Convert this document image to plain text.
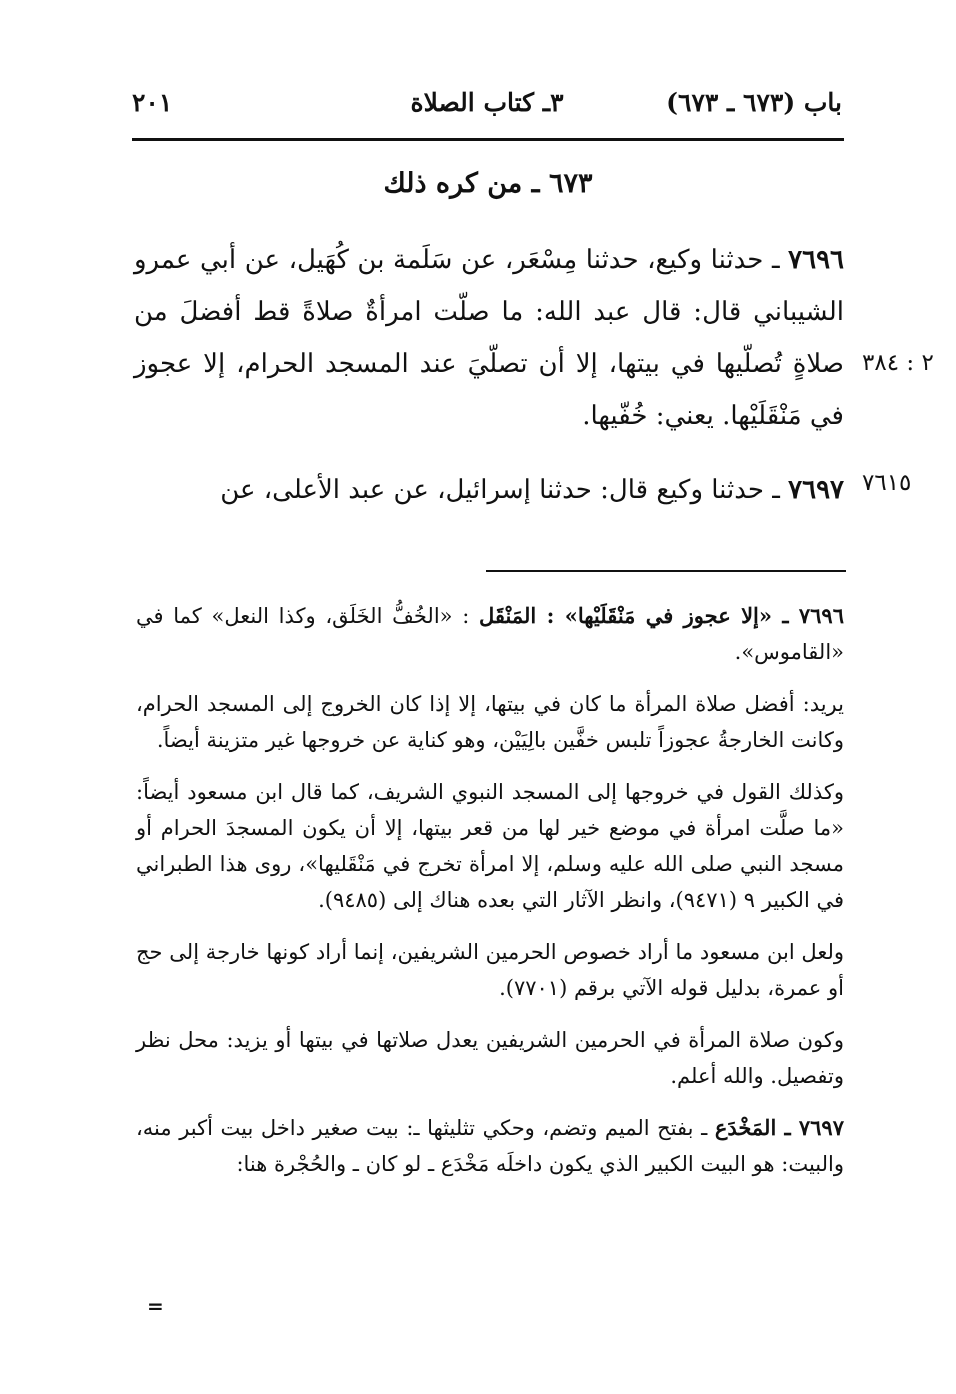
باب (٦٧٣ ـ ٦٧٣)
٣ـ كتاب الصلاة
٢٠١
٦٧٣ ـ من كره ذلك
٧٦٩٦ ـ حدثنا وكيع، حدثنا مِسْعَر، عن سَلَمة بن كُهَيل، عن أبي عمرو الشيباني قال: قال عبد الله: ما صلّت امرأةٌ صلاةً قط أفضلَ من صلاةٍ تُصلّيها في بيتها، إلا أن تصلّيَ عند المسجد الحرام، إلا عجوز في مَنْقَلَيْها. يعني: خُفّيها.
٢ : ٣٨٤
٧٦٩٧ ـ حدثنا وكيع قال: حدثنا إسرائيل، عن عبد الأعلى، عن	٧٦١٥

٧٦٩٦ ـ «إلا عجوز في مَنْقَلَيْها» : المَنْقَل : «الخُفُّ الخَلَق، وكذا النعل» كما في «القاموس».

يريد: أفضل صلاة المرأة ما كان في بيتها، إلا إذا كان الخروج إلى المسجد الحرام، وكانت الخارجةُ عجوزاً تلبس خفَّين بالِيَيْن، وهو كناية عن خروجها غير متزينة أيضاً.

وكذلك القول في خروجها إلى المسجد النبوي الشريف، كما قال ابن مسعود أيضاً: «ما صلَّت امرأة في موضع خير لها من قعر بيتها، إلا أن يكون المسجدَ الحرام أو مسجد النبي صلى الله عليه وسلم، إلا امرأة تخرج في مَنْقَليها»، روى هذا الطبراني في الكبير ٩ (٩٤٧١)، وانظر الآثار التي بعده هناك إلى (٩٤٨٥).

ولعل ابن مسعود ما أراد خصوص الحرمين الشريفين، إنما أراد كونها خارجة إلى حج أو عمرة، بدليل قوله الآتي برقم (٧٧٠١).

وكون صلاة المرأة في الحرمين الشريفين يعدل صلاتها في بيتها أو يزيد: محل نظر وتفصيل. والله أعلم.

٧٦٩٧ ـ المَخْدَع ـ بفتح الميم وتضم، وحكي تثليثها ـ: بيت صغير داخل بيت أكبر منه، والبيت: هو البيت الكبير الذي يكون داخلَه مَخْدَع ـ لو كان ـ والحُجْرة هنا:

=
